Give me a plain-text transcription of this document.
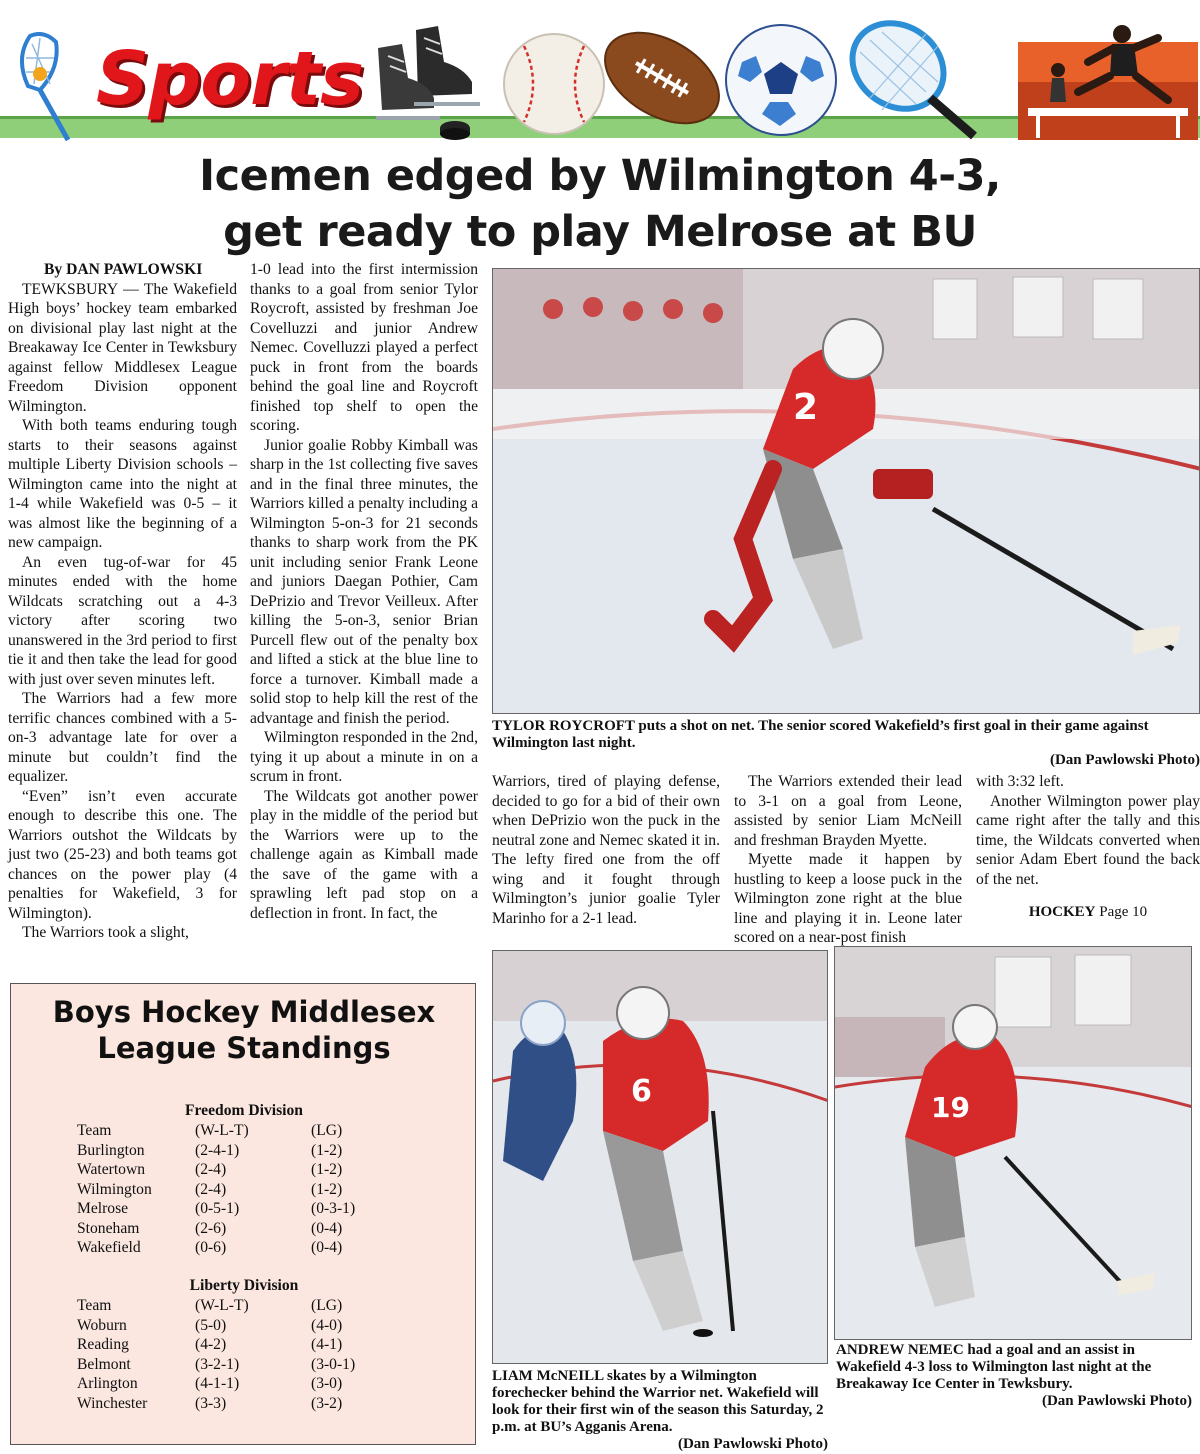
Sports
Icemen edged by Wilmington 4-3,
get ready to play Melrose at BU

By DAN PAWLOWSKI

TEWKSBURY — The Wakefield High boys’ hockey team embarked on divisional play last night at the Breakaway Ice Center in Tewksbury against fellow Middlesex League Freedom Division opponent Wilmington.

With both teams enduring tough starts to their seasons against multiple Liberty Division schools – Wilmington came into the night at 1-4 while Wakefield was 0-5 – it was almost like the beginning of a new campaign.

An even tug-of-war for 45 minutes ended with the home Wildcats scratching out a 4-3 victory after scoring two unanswered in the 3rd period to first tie it and then take the lead for good with just over seven minutes left.

The Warriors had a few more terrific chances combined with a 5-on-3 advantage late for over a minute but couldn’t find the equalizer.

“Even” isn’t even accurate enough to describe this one. The Warriors outshot the Wildcats by just two (25-23) and both teams got chances on the power play (4 penalties for Wakefield, 3 for Wilmington).

The Warriors took a slight,

1-0 lead into the first intermission thanks to a goal from senior Tylor Roycroft, assisted by freshman Joe Covelluzzi and junior Andrew Nemec. Covelluzzi played a perfect puck in front from the boards behind the goal line and Roycroft finished top shelf to open the scoring.

Junior goalie Robby Kimball was sharp in the 1st collecting five saves and in the final three minutes, the Warriors killed a penalty including a Wilmington 5-on-3 for 21 seconds thanks to sharp work from the PK unit including senior Frank Leone and juniors Daegan Pothier, Cam DePrizio and Trevor Veilleux. After killing the 5-on-3, senior Brian Purcell flew out of the penalty box and lifted a stick at the blue line to force a turnover. Kimball made a solid stop to help kill the rest of the advantage and finish the period.

Wilmington responded in the 2nd, tying it up about a minute in on a scrum in front.

The Wildcats got another power play in the middle of the period but the Warriors were up to the challenge again as Kimball made the save of the game with a sprawling left pad stop on a deflection in front. In fact, the

2
TYLOR ROYCROFT puts a shot on net. The senior scored Wakefield’s first goal in their game against Wilmington last night.
(Dan Pawlowski Photo)

Warriors, tired of playing defense, decided to go for a bid of their own when DePrizio won the puck in the neutral zone and Nemec skated it in. The lefty fired one from the off wing and it fought through Wilmington’s junior goalie Tyler Marinho for a 2-1 lead.

The Warriors extended their lead to 3-1 on a goal from Leone, assisted by senior Liam McNeill and freshman Brayden Myette.

Myette made it happen by hustling to keep a loose puck in the Wilmington zone right at the blue line and playing it in. Leone later scored on a near-post finish

with 3:32 left.

Another Wilmington power play came right after the tally and this time, the Wildcats converted when senior Adam Ebert found the back of the net.

HOCKEY Page 10
6
LIAM McNEILL skates by a Wilmington forechecker behind the Warrior net. Wakefield will look for their first win of the season this Saturday, 2 p.m. at BU’s Agganis Arena.
(Dan Pawlowski Photo)
19
ANDREW NEMEC had a goal and an assist in Wakefield 4-3 loss to Wilmington last night at the Breakaway Ice Center in Tewksbury.
(Dan Pawlowski Photo)
Boys Hockey Middlesex
League Standings
Freedom Division
Team	(W-L-T)	(LG)
Burlington	(2-4-1)	(1-2)
Watertown	(2-4)	(1-2)
Wilmington	(2-4)	(1-2)
Melrose	(0-5-1)	(0-3-1)
Stoneham	(2-6)	(0-4)
Wakefield	(0-6)	(0-4)
Liberty Division
Team	(W-L-T)	(LG)
Woburn	(5-0)	(4-0)
Reading	(4-2)	(4-1)
Belmont	(3-2-1)	(3-0-1)
Arlington	(4-1-1)	(3-0)
Winchester	(3-3)	(3-2)
